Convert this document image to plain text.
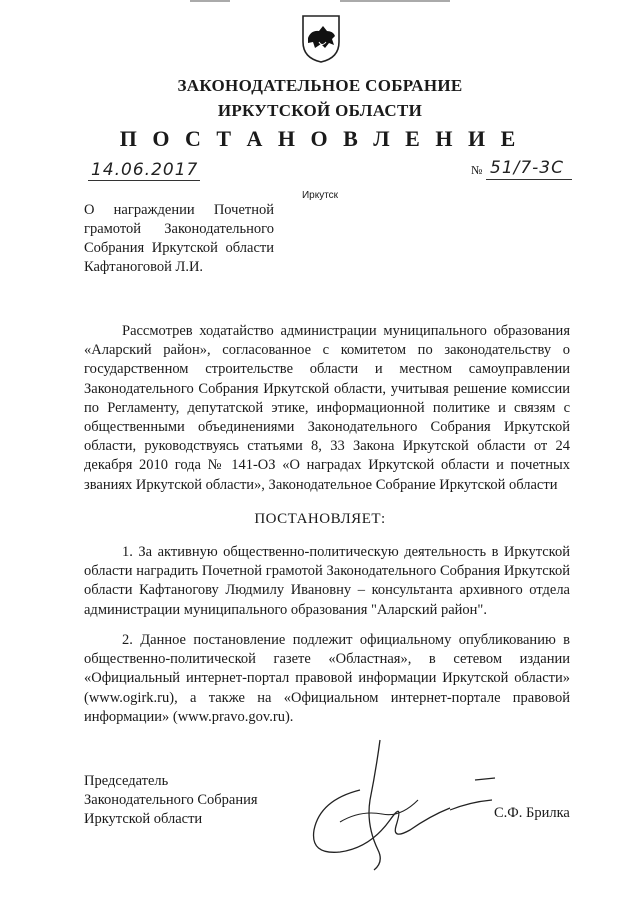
ЗАКОНОДАТЕЛЬНОЕ СОБРАНИЕ
ИРКУТСКОЙ ОБЛАСТИ
П О С Т А Н О В Л Е Н И Е
14.06.2017	№ 51/7-3С
Иркутск
О награждении Почетной
грамотой Законодательного
Собрания Иркутской области
Кафтаноговой Л.И.
Рассмотрев ходатайство администрации муниципального образования «Аларский район», согласованное с комитетом по законодательству о государственном строительстве области и местном самоуправлении Законодательного Собрания Иркутской области, учитывая решение комиссии по Регламенту, депутатской этике, информационной политике и связям с общественными объединениями Законодательного Собрания Иркутской области, руководствуясь статьями 8, 33 Закона Иркутской области от 24 декабря 2010 года № 141-ОЗ «О наградах Иркутской области и почетных званиях Иркутской области», Законодательное Собрание Иркутской области
ПОСТАНОВЛЯЕТ:
1. За активную общественно-политическую деятельность в Иркутской области наградить Почетной грамотой Законодательного Собрания Иркутской области Кафтаногову Людмилу Ивановну – консультанта архивного отдела администрации муниципального образования "Аларский район".
2. Данное постановление подлежит официальному опубликованию в общественно-политической газете «Областная», в сетевом издании «Официальный интернет-портал правовой информации Иркутской области» (www.ogirk.ru), а также на «Официальном интернет-портале правовой информации» (www.pravo.gov.ru).
Председатель
Законодательного Собрания
Иркутской области	С.Ф. Брилка
